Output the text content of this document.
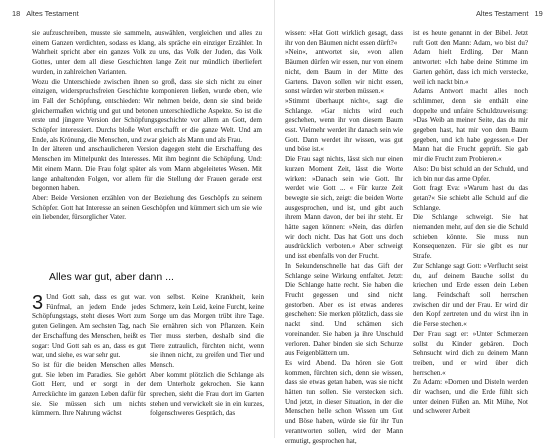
18 Altes Testament	Altes Testament 19

sie aufzuschreiben, musste sie sammeln, auswählen, vergleichen und alles zu einem Ganzen verdichten, sodass es klang, als spräche ein einziger Erzähler. In Wahrheit spricht aber ein ganzes Volk zu uns, das Volk der Juden, das Volk Gottes, unter dem all diese Geschichten lange Zeit nur mündlich überliefert wurden, in zahlreichen Varianten.

Wozu die Unterschiede zwischen ihnen so groß, dass sie sich nicht zu einer einzigen, widerspruchsfreien Geschichte komponieren ließen, wurde eben, wie im Fall der Schöpfung, entschieden: Wir nehmen beide, denn sie sind beide gleichermaßen wichtig und gut und betonen unterschiedliche Aspekte. So ist die erste und jüngere Version der Schöpfungsgeschichte vor allem an Gott, dem Schöpfer interessiert. Durchs bloße Wort erschafft er die ganze Welt. Und am Ende, als Krönung, die Menschen, und zwar gleich als Mann und als Frau.

In der älteren und anschaulicheren Version dagegen steht die Erschaffung des Menschen im Mittelpunkt des Interesses. Mit ihm beginnt die Schöpfung. Und: Mit einem Mann. Die Frau folgt später als vom Mann abgeleitetes Wesen. Mit lange anhaltenden Folgen, vor allem für die Stellung der Frauen gerade erst begonnen haben.

Aber: Beide Versionen erzählen von der Beziehung des Geschöpfs zu seinem Schöpfer. Gott hat Interesse an seinen Geschöpfen und kümmert sich um sie wie ein liebender, fürsorglicher Vater.

Alles war gut, aber dann ...

3 Und Gott sah, dass es gut war. Fünfmal, an jedem Ende jedes Schöpfungstags, steht dieses Wort zum guten Gelingen. Am sechsten Tag, nach der Erschaffung des Menschen, heißt es sogar: Und Gott sah es an, dass es gut war, und siehe, es war sehr gut.

So ist für die beiden Menschen alles gut. Sie leben im Paradies. Sie gehört Gott Herr, und er sorgt in der Arrecküchte im ganzen Leben dafür für sie. Sie müssen sich um nichts kümmern. Ihre Nahrung wächst

von selbst. Keine Krankheit, kein Schmerz, kein Leid, keine Furcht, keine Sorge um das Morgen trübt ihre Tage. Sie ernähren sich von Pflanzen. Kein Tier muss sterben, deshalb sind die Tiere zutraulich, fürchten nicht, wenn sie ihnen nicht, zu greifen und Tier und Mensch.

Aber kommt plötzlich die Schlange als dem Unterholz gekrochen. Sie kann sprechen, sieht die Frau dort im Garten stehen und verwickelt sie in ein kurzes, folgenschweres Gespräch, das

wissen: »Hat Gott wirklich gesagt, dass ihr von den Bäumen nicht essen dürft?«

»Nein«, antwortet sie, »von allen Bäumen dürfen wir essen, nur von einem nicht, dem Baum in der Mitte des Gartens. Davon sollen wir nicht essen, sonst würden wir sterben müssen.«

»Stimmt überhaupt nicht«, sagt die Schlange. »Gar nichts wird euch geschehen, wenn ihr von diesem Baum esst. Vielmehr werdet ihr danach sein wie Gott. Dann werdet ihr wissen, was gut und böse ist.«

Die Frau sagt nichts, lässt sich nur einen kurzen Moment Zeit, lässt die Worte wirken: »Danach sein wie Gott. Ihr werdet wie Gott ... « Für kurze Zeit bewegte sie sich, zeigt: die beiden Worte ausgesprochen, und ist, und gibt auch ihrem Mann davon, der bei ihr steht. Er hätte sagen können: »Nein, das dürfen wir doch nicht. Das hat Gott uns doch ausdrücklich verboten.« Aber schweigt und isst ebenfalls von der Frucht.

In Sekundenschnelle hat das Gift der Schlange seine Wirkung entfaltet. Jetzt: Die Schlange hatte recht. Sie haben die Frucht gegessen und sind nicht gestorben. Aber es ist etwas anderes geschehen: Sie merken plötzlich, dass sie nackt sind. Und schämen sich voreinander. Sie haben ja ihre Unschuld verloren. Daher binden sie sich Schurze aus Feigenblättern um.

Es wird Abend. Da hören sie Gott kommen, fürchten sich, denn sie wissen, dass sie etwas getan haben, was sie nicht hätten tun sollen. Sie verstecken sich. Und jetzt, in dieser Situation, in der die Menschen helle schon Wissen um Gut und Böse haben, würde sie für ihr Tun verantworten sollen, wird der Mann ermutigt, gesprochen hat,

ist es heute genannt in der Bibel. Jetzt ruft Gott den Mann: Adam, wo bist du? Adam hielt Erdling. Der Mann antwortet: »Ich habe deine Stimme im Garten gehört, dass ich mich verstecke, weil ich nackt bin.«

Adams Antwort macht alles noch schlimmer, denn sie enthält eine doppelte und unfaire Schuldzuweisung: »Das Weib an meiner Seite, das du mir gegeben hast, hat mir von dem Baum gegeben, und ich habe gegessen.« Der Mann hat die Frucht geprüft. Sie gab mir die Frucht zum Probieren.«

Also: Du bist schuld an der Schuld, und ich bin nur das arme Opfer.

Gott fragt Eva: »Warum hast du das getan?« Sie schiebt alle Schuld auf die Schlange.

Die Schlange schweigt. Sie hat niemanden mehr, auf den sie die Schuld schieben könnte. Sie muss nun Konsequenzen. Für sie gibt es nur Strafe.

Zur Schlange sagt Gott: »Verflucht seist du, auf deinem Bauche sollst du kriechen und Erde essen dein Leben lang. Feindschaft soll herrschen zwischen dir und der Frau. Er wird dir den Kopf zertreten und du wirst ihn in die Ferse stechen.«

Der Frau sagt er: »Unter Schmerzen sollst du Kinder gebären. Doch Sehnsucht wird dich zu deinem Mann treiben, und er wird über dich herrschen.«

Zu Adam: »Dornen und Disteln werden dir wachsen, und die Erde fühlt sich unter deinen Füßen an. Mit Mühe, Not und schwerer Arbeit
